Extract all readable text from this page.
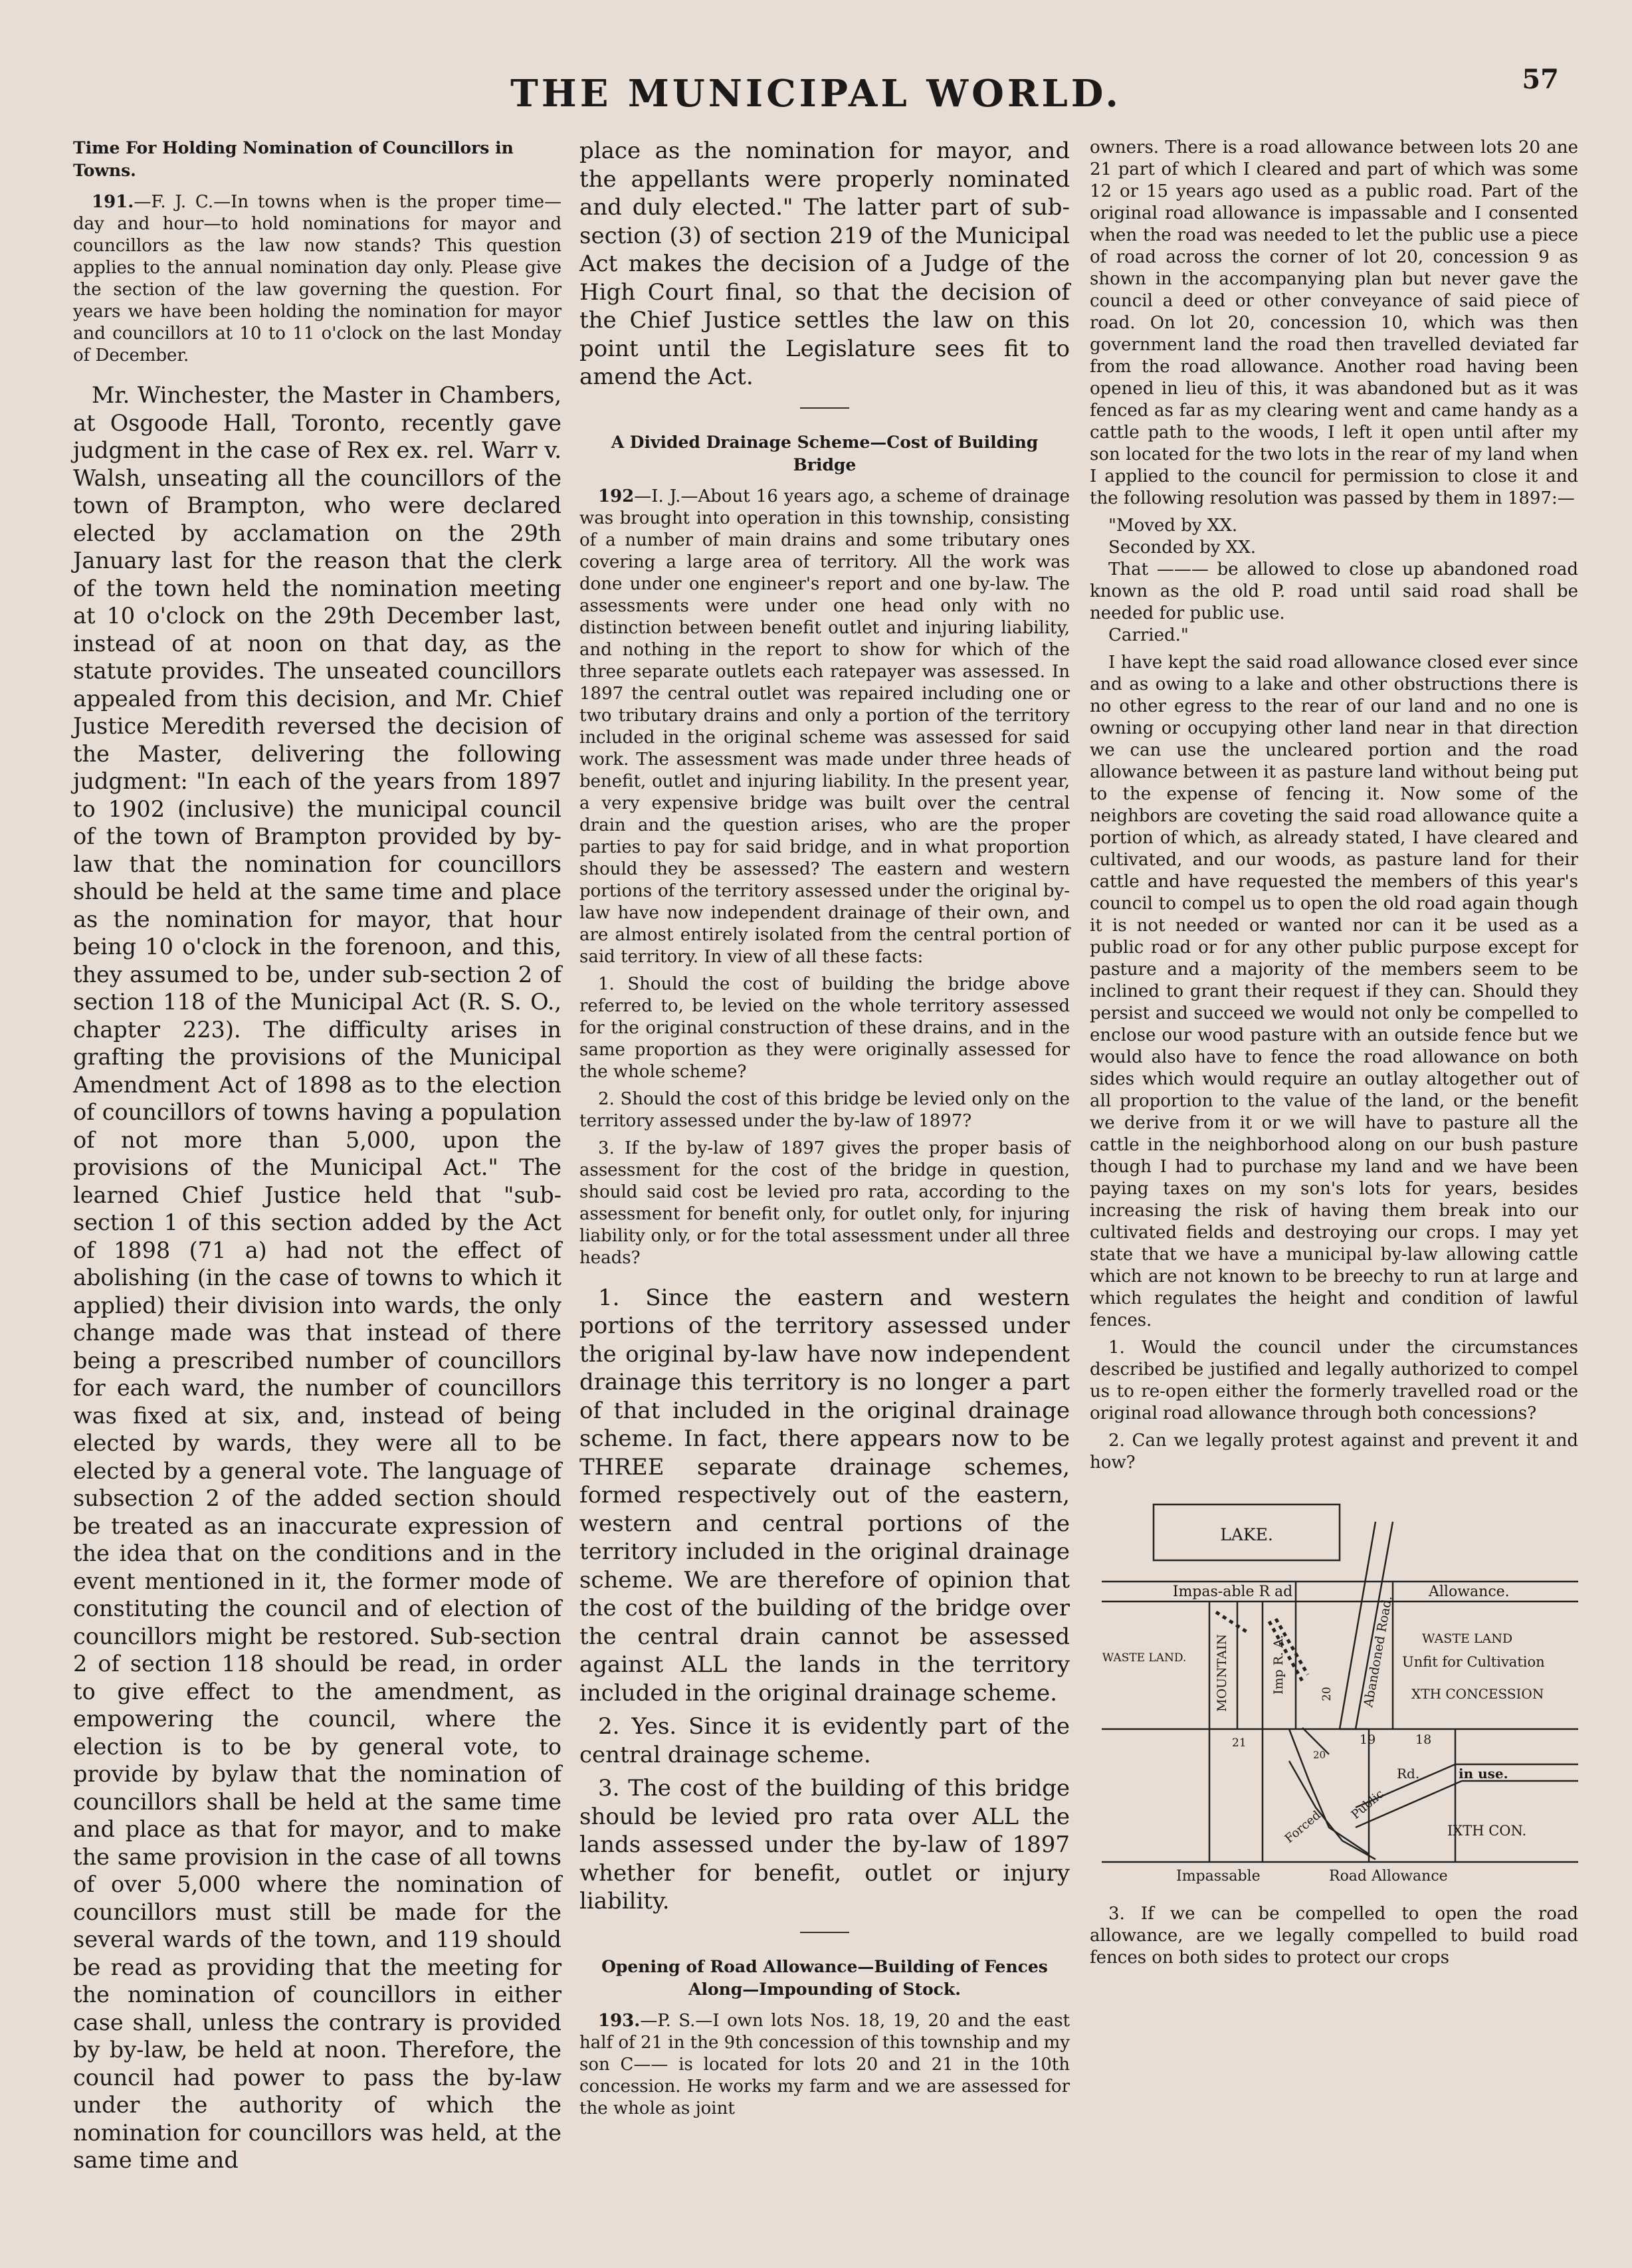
THE MUNICIPAL WORLD.	57

Time For Holding Nomination of Councillors in Towns.

191.—F. J. C.—In towns when is the proper time—day and hour—to hold nominations for mayor and councillors as the law now stands? This question applies to the annual nomination day only. Please give the section of the law governing the question. For years we have been holding the nomination for mayor and councillors at 10 to 11 o'clock on the last Monday of December.

Mr. Winchester, the Master in Chambers, at Osgoode Hall, Toronto, recently gave judgment in the case of Rex ex. rel. Warr v. Walsh, unseating all the councillors of the town of Brampton, who were declared elected by acclamation on the 29th January last for the reason that the clerk of the town held the nomination meeting at 10 o'clock on the 29th December last, instead of at noon on that day, as the statute provides. The unseated councillors appealed from this decision, and Mr. Chief Justice Meredith reversed the decision of the Master, delivering the following judgment: "In each of the years from 1897 to 1902 (inclusive) the municipal council of the town of Brampton provided by by-law that the nomination for councillors should be held at the same time and place as the nomination for mayor, that hour being 10 o'clock in the forenoon, and this, they assumed to be, under sub-section 2 of section 118 of the Municipal Act (R. S. O., chapter 223). The difficulty arises in grafting the provisions of the Municipal Amendment Act of 1898 as to the election of councillors of towns having a population of not more than 5,000, upon the provisions of the Municipal Act." The learned Chief Justice held that "sub-section 1 of this section added by the Act of 1898 (71 a) had not the effect of abolishing (in the case of towns to which it applied) their division into wards, the only change made was that instead of there being a prescribed number of councillors for each ward, the number of councillors was fixed at six, and, instead of being elected by wards, they were all to be elected by a general vote. The language of subsection 2 of the added section should be treated as an inaccurate expression of the idea that on the conditions and in the event mentioned in it, the former mode of constituting the council and of election of councillors might be restored. Sub-section 2 of section 118 should be read, in order to give effect to the amendment, as empowering the council, where the election is to be by general vote, to provide by bylaw that the nomination of councillors shall be held at the same time and place as that for mayor, and to make the same provision in the case of all towns of over 5,000 where the nomination of councillors must still be made for the several wards of the town, and 119 should be read as providing that the meeting for the nomination of councillors in either case shall, unless the contrary is provided by by-law, be held at noon. Therefore, the council had power to pass the by-law under the authority of which the nomination for councillors was held, at the same time and

place as the nomination for mayor, and the appellants were properly nominated and duly elected." The latter part of sub-section (3) of section 219 of the Municipal Act makes the decision of a Judge of the High Court final, so that the decision of the Chief Justice settles the law on this point until the Legislature sees fit to amend the Act.

A Divided Drainage Scheme—Cost of Building Bridge

192—I. J.—About 16 years ago, a scheme of drainage was brought into operation in this township, consisting of a number of main drains and some tributary ones covering a large area of territory. All the work was done under one engineer's report and one by-law. The assessments were under one head only with no distinction between benefit outlet and injuring liability, and nothing in the report to show for which of the three separate outlets each ratepayer was assessed. In 1897 the central outlet was repaired including one or two tributary drains and only a portion of the territory included in the original scheme was assessed for said work. The assessment was made under three heads of benefit, outlet and injuring liability. In the present year, a very expensive bridge was built over the central drain and the question arises, who are the proper parties to pay for said bridge, and in what proportion should they be assessed? The eastern and western portions of the territory assessed under the original by-law have now independent drainage of their own, and are almost entirely isolated from the central portion of said territory. In view of all these facts:

1. Should the cost of building the bridge above referred to, be levied on the whole territory assessed for the original construction of these drains, and in the same proportion as they were originally assessed for the whole scheme?

2. Should the cost of this bridge be levied only on the territory assessed under the by-law of 1897?

3. If the by-law of 1897 gives the proper basis of assessment for the cost of the bridge in question, should said cost be levied pro rata, according to the assessment for benefit only, for outlet only, for injuring liability only, or for the total assessment under all three heads?

1. Since the eastern and western portions of the territory assessed under the original by-law have now independent drainage this territory is no longer a part of that included in the original drainage scheme. In fact, there appears now to be THREE separate drainage schemes, formed respectively out of the eastern, western and central portions of the territory included in the original drainage scheme. We are therefore of opinion that the cost of the building of the bridge over the central drain cannot be assessed against ALL the lands in the territory included in the original drainage scheme.

2. Yes. Since it is evidently part of the central drainage scheme.

3. The cost of the building of this bridge should be levied pro rata over ALL the lands assessed under the by-law of 1897 whether for benefit, outlet or injury liability.

Opening of Road Allowance—Building of Fences Along—Impounding of Stock.

193.—P. S.—I own lots Nos. 18, 19, 20 and the east half of 21 in the 9th concession of this township and my son C—— is located for lots 20 and 21 in the 10th concession. He works my farm and we are assessed for the whole as joint

owners. There is a road allowance between lots 20 ane 21 part of which I cleared and part of which was some 12 or 15 years ago used as a public road. Part of the original road allowance is impassable and I consented when the road was needed to let the public use a piece of road across the corner of lot 20, concession 9 as shown in the accompanying plan but never gave the council a deed or other conveyance of said piece of road. On lot 20, concession 10, which was then government land the road then travelled deviated far from the road allowance. Another road having been opened in lieu of this, it was abandoned but as it was fenced as far as my clearing went and came handy as a cattle path to the woods, I left it open until after my son located for the two lots in the rear of my land when I applied to the council for permission to close it and the following resolution was passed by them in 1897:—

"Moved by XX.

Seconded by XX.

That ——— be allowed to close up abandoned road known as the old P. road until said road shall be needed for public use.

Carried."

I have kept the said road allowance closed ever since and as owing to a lake and other obstructions there is no other egress to the rear of our land and no one is owning or occupying other land near in that direction we can use the uncleared portion and the road allowance between it as pasture land without being put to the expense of fencing it. Now some of the neighbors are coveting the said road allowance quite a portion of which, as already stated, I have cleared and cultivated, and our woods, as pasture land for their cattle and have requested the members of this year's council to compel us to open the old road again though it is not needed or wanted nor can it be used as a public road or for any other public purpose except for pasture and a majority of the members seem to be inclined to grant their request if they can. Should they persist and succeed we would not only be compelled to enclose our wood pasture with an outside fence but we would also have to fence the road allowance on both sides which would require an outlay altogether out of all proportion to the value of the land, or the benefit we derive from it or we will have to pasture all the cattle in the neighborhood along on our bush pasture though I had to purchase my land and we have been paying taxes on my son's lots for years, besides increasing the risk of having them break into our cultivated fields and destroying our crops. I may yet state that we have a municipal by-law allowing cattle which are not known to be breechy to run at large and which regulates the height and condition of lawful fences.

1. Would the council under the circumstances described be justified and legally authorized to compel us to re-open either the formerly travelled road or the original road allowance through both concessions?

2. Can we legally protest against and prevent it and how?

LAKE.
Impas-able R ad	Allowance.
Impassable	Road Allowance
WASTE LAND. MOUNTAIN	Imp R. A.	Abandoned Road.
20
WASTE LAND
Unfit for Cultivation
XTH CONCESSION
21
20
19	18
Rd.	in use.
Public
Forced	IXTH CON.

3. If we can be compelled to open the road allowance, are we legally compelled to build road fences on both sides to protect our crops
